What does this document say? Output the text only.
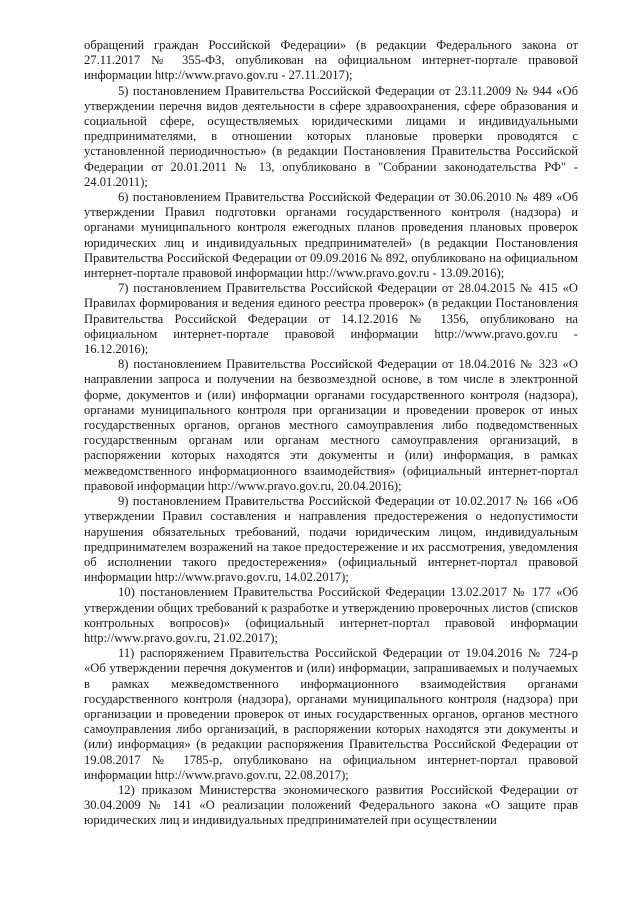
обращений граждан Российской Федерации» (в редакции Федерального закона от 27.11.2017 № 355-ФЗ, опубликован на официальном интернет-портале правовой информации http://www.pravo.gov.ru - 27.11.2017);

5) постановлением Правительства Российской Федерации от 23.11.2009 № 944 «Об утверждении перечня видов деятельности в сфере здравоохранения, сфере образования и социальной сфере, осуществляемых юридическими лицами и индивидуальными предпринимателями, в отношении которых плановые проверки проводятся с установленной периодичностью» (в редакции Постановления Правительства Российской Федерации от 20.01.2011 № 13, опубликовано в "Собрании законодательства РФ" - 24.01.2011);

6) постановлением Правительства Российской Федерации от 30.06.2010 № 489 «Об утверждении Правил подготовки органами государственного контроля (надзора) и органами муниципального контроля ежегодных планов проведения плановых проверок юридических лиц и индивидуальных предпринимателей» (в редакции Постановления Правительства Российской Федерации от 09.09.2016 № 892, опубликовано на официальном интернет-портале правовой информации http://www.pravo.gov.ru - 13.09.2016);

7) постановлением Правительства Российской Федерации от 28.04.2015 № 415 «О Правилах формирования и ведения единого реестра проверок» (в редакции Постановления Правительства Российской Федерации от 14.12.2016 № 1356, опубликовано на официальном интернет-портале правовой информации http://www.pravo.gov.ru - 16.12.2016);

8) постановлением Правительства Российской Федерации от 18.04.2016 № 323 «О направлении запроса и получении на безвозмездной основе, в том числе в электронной форме, документов и (или) информации органами государственного контроля (надзора), органами муниципального контроля при организации и проведении проверок от иных государственных органов, органов местного самоуправления либо подведомственных государственным органам или органам местного самоуправления организаций, в распоряжении которых находятся эти документы и (или) информация, в рамках межведомственного информационного взаимодействия» (официальный интернет-портал правовой информации http://www.pravo.gov.ru, 20.04.2016);

9) постановлением Правительства Российской Федерации от 10.02.2017 № 166 «Об утверждении Правил составления и направления предостережения о недопустимости нарушения обязательных требований, подачи юридическим лицом, индивидуальным предпринимателем возражений на такое предостережение и их рассмотрения, уведомления об исполнении такого предостережения» (официальный интернет-портал правовой информации http://www.pravo.gov.ru, 14.02.2017);

10) постановлением Правительства Российской Федерации 13.02.2017 № 177 «Об утверждении общих требований к разработке и утверждению проверочных листов (списков контрольных вопросов)» (официальный интернет-портал правовой информации http://www.pravo.gov.ru, 21.02.2017);

11) распоряжением Правительства Российской Федерации от 19.04.2016 № 724-р «Об утверждении перечня документов и (или) информации, запрашиваемых и получаемых в рамках межведомственного информационного взаимодействия органами государственного контроля (надзора), органами муниципального контроля (надзора) при организации и проведении проверок от иных государственных органов, органов местного самоуправления либо организаций, в распоряжении которых находятся эти документы и (или) информация» (в редакции распоряжения Правительства Российской Федерации от 19.08.2017 № 1785-р, опубликовано на официальном интернет-портал правовой информации http://www.pravo.gov.ru, 22.08.2017);

12) приказом Министерства экономического развития Российской Федерации от 30.04.2009 № 141 «О реализации положений Федерального закона «О защите прав юридических лиц и индивидуальных предпринимателей при осуществлении
